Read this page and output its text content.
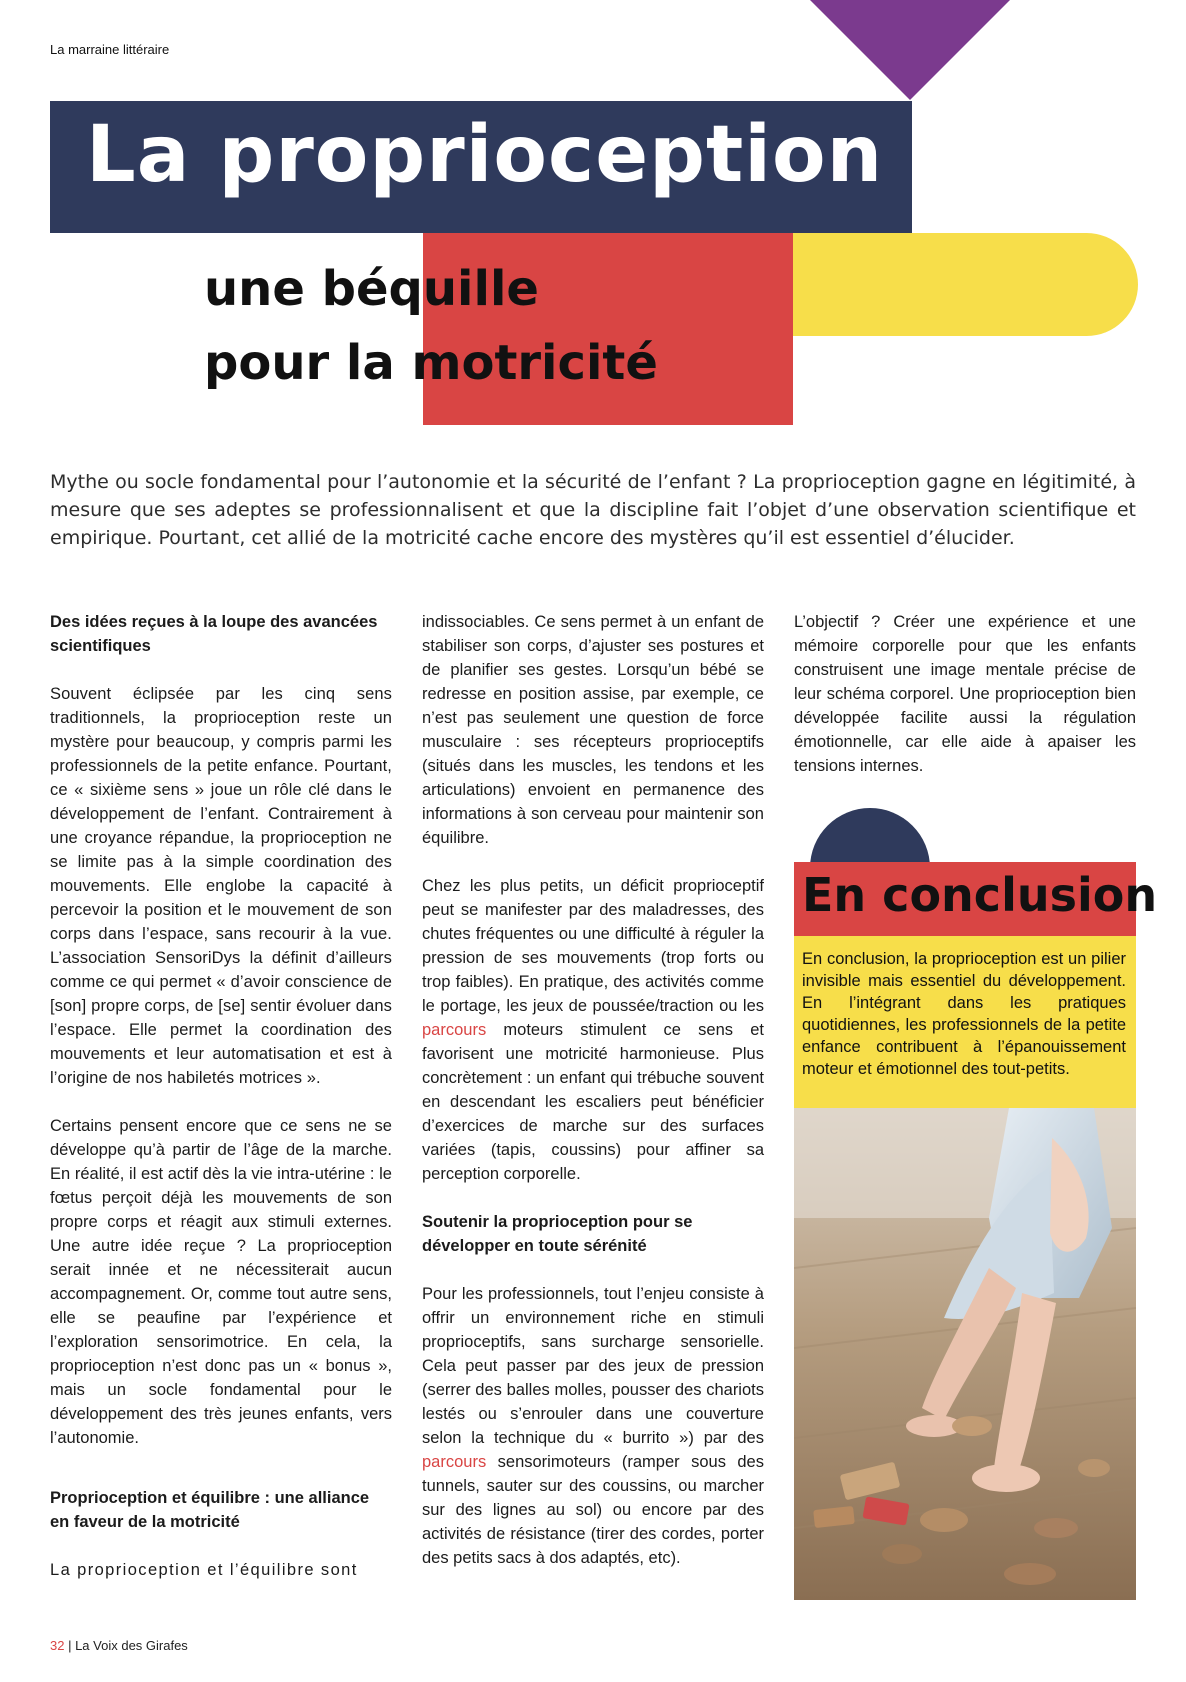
La marraine littéraire
La proprioception :
une béquille
pour la motricité
Mythe ou socle fondamental pour l’autonomie et la sécurité de l’enfant ? La proprioception gagne en légitimité, à mesure que ses adeptes se professionnalisent et que la discipline fait l’objet d’une observation scientifique et empirique. Pourtant, cet allié de la motricité cache encore des mystères qu’il est essentiel d’élucider.
Des idées reçues à la loupe des avancées scientifiques

Souvent éclipsée par les cinq sens traditionnels, la proprioception reste un mystère pour beaucoup, y compris parmi les professionnels de la petite enfance. Pourtant, ce « sixième sens » joue un rôle clé dans le développement de l’enfant. Contrairement à une croyance répandue, la proprioception ne se limite pas à la simple coordination des mouvements. Elle englobe la capacité à percevoir la position et le mouvement de son corps dans l’espace, sans recourir à la vue. L’association SensoriDys la définit d’ailleurs comme ce qui permet « d’avoir conscience de [son] propre corps, de [se] sentir évoluer dans l’espace. Elle permet la coordination des mouvements et leur automatisation et est à l’origine de nos habiletés motrices ».

Certains pensent encore que ce sens ne se développe qu’à partir de l’âge de la marche. En réalité, il est actif dès la vie intra-utérine : le fœtus perçoit déjà les mouvements de son propre corps et réagit aux stimuli externes. Une autre idée reçue ? La proprioception serait innée et ne nécessiterait aucun accompagnement. Or, comme tout autre sens, elle se peaufine par l’expérience et l’exploration sensorimotrice. En cela, la proprioception n’est donc pas un « bonus », mais un socle fondamental pour le développement des très jeunes enfants, vers l’autonomie.

Proprioception et équilibre : une alliance en faveur de la motricité

La proprioception et l’équilibre sont

indissociables. Ce sens permet à un enfant de stabiliser son corps, d’ajuster ses postures et de planifier ses gestes. Lorsqu’un bébé se redresse en position assise, par exemple, ce n’est pas seulement une question de force musculaire : ses récepteurs proprioceptifs (situés dans les muscles, les tendons et les articulations) envoient en permanence des informations à son cerveau pour maintenir son équilibre.

Chez les plus petits, un déficit proprioceptif peut se manifester par des maladresses, des chutes fréquentes ou une difficulté à réguler la pression de ses mouvements (trop forts ou trop faibles). En pratique, des activités comme le portage, les jeux de poussée/traction ou les parcours moteurs stimulent ce sens et favorisent une motricité harmonieuse. Plus concrètement : un enfant qui trébuche souvent en descendant les escaliers peut bénéficier d’exercices de marche sur des surfaces variées (tapis, coussins) pour affiner sa perception corporelle.

Soutenir la proprioception pour se développer en toute sérénité

Pour les professionnels, tout l’enjeu consiste à offrir un environnement riche en stimuli proprioceptifs, sans surcharge sensorielle. Cela peut passer par des jeux de pression (serrer des balles molles, pousser des chariots lestés ou s’enrouler dans une couverture selon la technique du « burrito ») par des parcours sensorimoteurs (ramper sous des tunnels, sauter sur des coussins, ou marcher sur des lignes au sol) ou encore par des activités de résistance (tirer des cordes, porter des petits sacs à dos adaptés, etc).

L’objectif ? Créer une expérience et une mémoire corporelle pour que les enfants construisent une image mentale précise de leur schéma corporel. Une proprioception bien développée facilite aussi la régulation émotionnelle, car elle aide à apaiser les tensions internes.

En conclusion
En conclusion, la proprioception est un pilier invisible mais essentiel du développement. En l’intégrant dans les pratiques quotidiennes, les professionnels de la petite enfance contribuent à l’épanouissement moteur et émotionnel des tout-petits.
32 | La Voix des Girafes
